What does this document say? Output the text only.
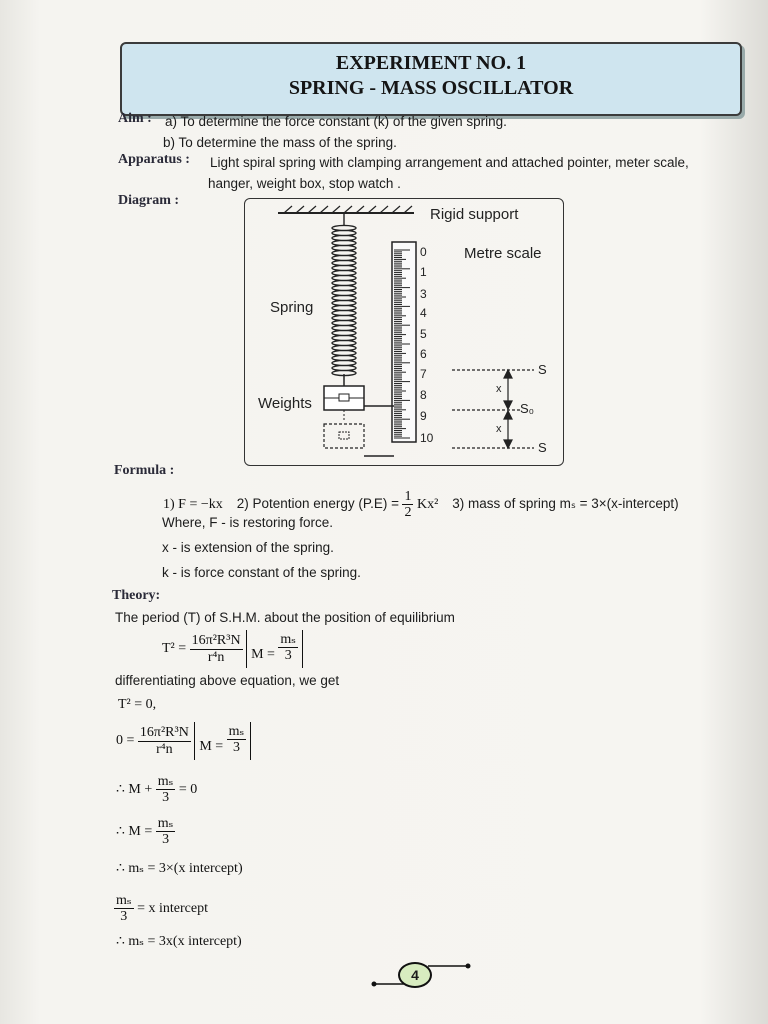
EXPERIMENT NO. 1
SPRING - MASS OSCILLATOR
Aim : a) To determine the force constant (k) of the given spring.
b) To determine the mass of the spring.
Apparatus : Light spiral spring with clamping arrangement and attached pointer, meter scale,
hanger, weight box, stop watch .
Diagram :
Rigid support
Metre scale
Spring
Weights
S
S₀
S
x
x
0
1
3
4
5
6
7
8
9
10
Formula :
1) F = −kx 2) Potention energy $(P.E) = \frac{1}{2} Kx^2$ 3) mass of spring mₛ = 3×(x-intercept)
Where, F - is restoring force.
x - is extension of the spring.
k - is force constant of the spring.
Theory:
The period (T) of S.H.M. about the position of equilibrium
$T^2 = \frac{\text{16π²R³N}}{\text{r⁴n}}$ $M = \frac{\text{mₛ}}{3}$
differentiating above equation, we get
T² = 0,
$0 = \frac{\text{16π²R³N}}{\text{r⁴n}}$ $M = \frac{\text{mₛ}}{3}$
∴ $M + \frac{\text{mₛ}}{3} = 0$
∴ $M = \frac{\text{mₛ}}{3}$
∴ mₛ = 3×(x intercept)
$\frac{\text{mₛ}}{3} = x$ intercept
∴ mₛ = 3x(x intercept)
4
